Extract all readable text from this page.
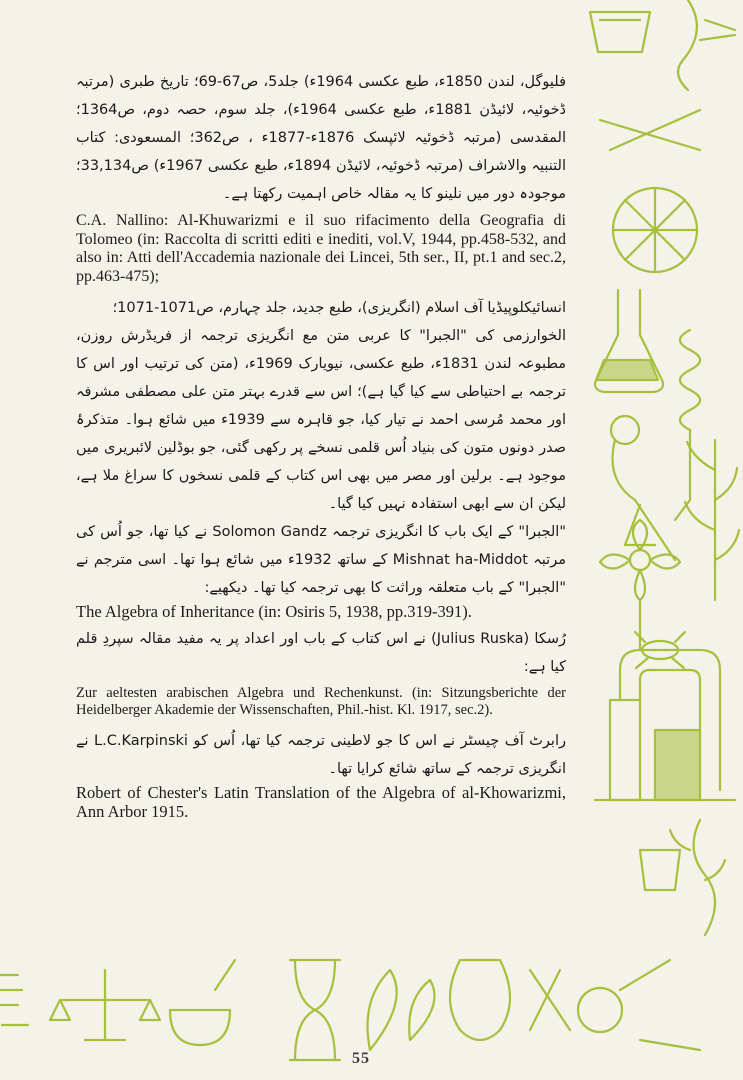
فلیوگل، لندن 1850ء، طبع عکسی 1964ء) جلد5، ص67-69؛ تاریخ طبری (مرتبہ ڈخوئیہ، لائیڈن 1881ء، طبع عکسی 1964ء)، جلد سوم، حصہ دوم، ص1364؛ المقدسی (مرتبہ ڈخوئیہ لائپسک 1876ء-1877ء ، ص362؛ المسعودی: کتاب التنبیہ والاشراف (مرتبہ ڈخوئیہ، لائیڈن 1894ء، طبع عکسی 1967ء) ص33,134؛ موجودہ دور میں نلینو کا یہ مقالہ خاص اہمیت رکھتا ہے۔

C.A. Nallino: Al-Khuwarizmi e il suo rifacimento della Geografia di Tolomeo (in: Raccolta di scritti editi e inediti, vol.V, 1944, pp.458-532, and also in: Atti dell'Accademia nazionale dei Lincei, 5th ser., II, pt.1 and sec.2, pp.463-475);

انسائیکلوپیڈیا آف اسلام (انگریزی)، طبع جدید، جلد چہارم، ص1071-1071؛

الخوارزمی کی "الجبرا" کا عربی متن مع انگریزی ترجمہ از فریڈرش روزن، مطبوعہ لندن 1831ء، طبع عکسی، نیویارک 1969ء، (متن کی ترتیب اور اس کا ترجمہ بے احتیاطی سے کیا گیا ہے)؛ اس سے قدرے بہتر متن علی مصطفی مشرفہ اور محمد مُرسی احمد نے تیار کیا، جو قاہرہ سے 1939ء میں شائع ہوا۔ متذکرۂ صدر دونوں متون کی بنیاد اُس قلمی نسخے پر رکھی گئی، جو بوڈلین لائبریری میں موجود ہے۔ برلین اور مصر میں بھی اس کتاب کے قلمی نسخوں کا سراغ ملا ہے، لیکن ان سے ابھی استفادہ نہیں کیا گیا۔

"الجبرا" کے ایک باب کا انگریزی ترجمہ Solomon Gandz نے کیا تھا، جو اُس کی مرتبہ Mishnat ha-Middot کے ساتھ 1932ء میں شائع ہوا تھا۔ اسی مترجم نے "الجبرا" کے باب متعلقہ وراثت کا بھی ترجمہ کیا تھا۔ دیکھیے:

The Algebra of Inheritance (in: Osiris 5, 1938, pp.319-391).

رُسکا (Julius Ruska) نے اس کتاب کے باب اور اعداد پر یہ مفید مقالہ سپردِ قلم کیا ہے:

Zur aeltesten arabischen Algebra und Rechenkunst. (in: Sitzungsberichte der Heidelberger Akademie der Wissenschaften, Phil.-hist. Kl. 1917, sec.2).

رابرٹ آف چیسٹر نے اس کا جو لاطینی ترجمہ کیا تھا، اُس کو L.C.Karpinski نے انگریزی ترجمہ کے ساتھ شائع کرایا تھا۔

Robert of Chester's Latin Translation of the Algebra of al-Khowarizmi, Ann Arbor 1915.

55
